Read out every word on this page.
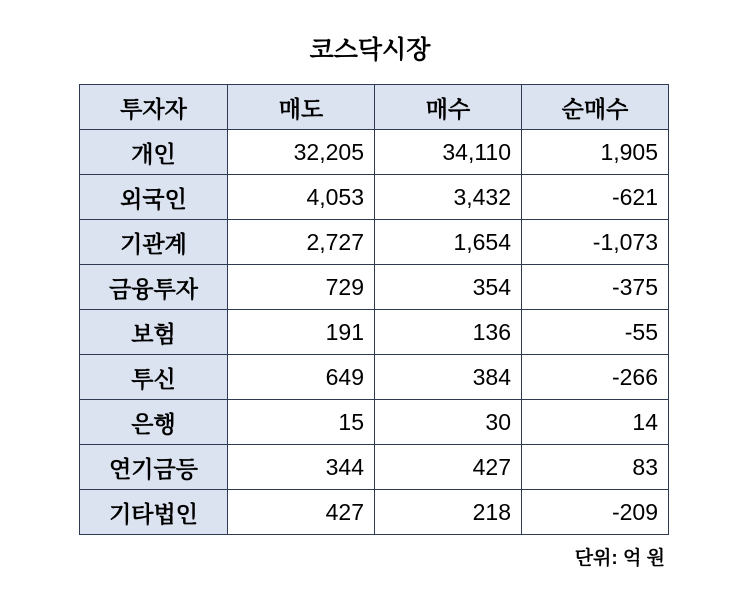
코스닥시장
투자자	매도	매수	순매수
개인	32,205	34,110	1,905
외국인	4,053	3,432	-621
기관계	2,727	1,654	-1,073
금융투자	729	354	-375
보험	191	136	-55
투신	649	384	-266
은행	15	30	14
연기금등	344	427	83
기타법인	427	218	-209
단위: 억 원
